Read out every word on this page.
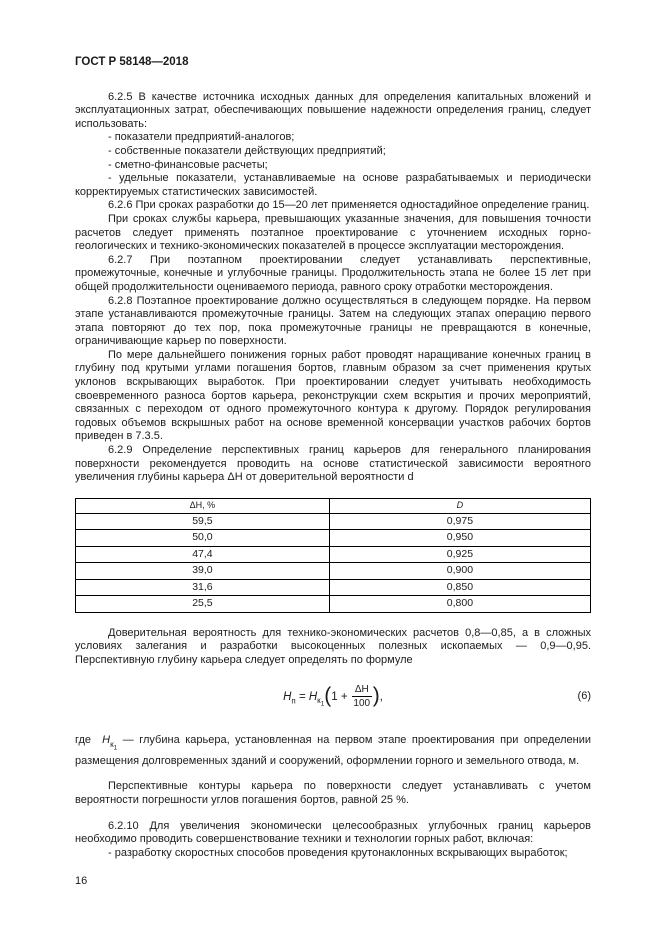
ГОСТ Р 58148—2018

6.2.5 В качестве источника исходных данных для определения капитальных вложений и эксплуатационных затрат, обеспечивающих повышение надежности определения границ, следует использовать:

- показатели предприятий-аналогов;

- собственные показатели действующих предприятий;

- сметно-финансовые расчеты;

- удельные показатели, устанавливаемые на основе разрабатываемых и периодически корректируемых статистических зависимостей.

6.2.6 При сроках разработки до 15—20 лет применяется одностадийное определение границ.

При сроках службы карьера, превышающих указанные значения, для повышения точности расчетов следует применять поэтапное проектирование с уточнением исходных горно-геологических и технико-экономических показателей в процессе эксплуатации месторождения.

6.2.7 При поэтапном проектировании следует устанавливать перспективные, промежуточные, конечные и углубочные границы. Продолжительность этапа не более 15 лет при общей продолжительности оцениваемого периода, равного сроку отработки месторождения.

6.2.8 Поэтапное проектирование должно осуществляться в следующем порядке. На первом этапе устанавливаются промежуточные границы. Затем на следующих этапах операцию первого этапа повторяют до тех пор, пока промежуточные границы не превращаются в конечные, ограничивающие карьер по поверхности.

По мере дальнейшего понижения горных работ проводят наращивание конечных границ в глубину под крутыми углами погашения бортов, главным образом за счет применения крутых уклонов вскрывающих выработок. При проектировании следует учитывать необходимость своевременного разноса бортов карьера, реконструкции схем вскрытия и прочих мероприятий, связанных с переходом от одного промежуточного контура к другому. Порядок регулирования годовых объемов вскрышных работ на основе временной консервации участков рабочих бортов приведен в 7.3.5.

6.2.9 Определение перспективных границ карьеров для генерального планирования поверхности рекомендуется проводить на основе статистической зависимости вероятного увеличения глубины карьера ΔH от доверительной вероятности d

ΔH, %	D
59,5	0,975
50,0	0,950
47,4	0,925
39,0	0,900
31,6	0,850
25,5	0,800

Доверительная вероятность для технико-экономических расчетов 0,8—0,85, а в сложных условиях залегания и разработки высокоценных полезных ископаемых — 0,9—0,95. Перспективную глубину карьера следует определять по формуле

$H_п = H_{к_1}(1 + \frac{\Delta H}{100}$ ),	(6)

где $H_{к_1}$ — глубина карьера, установленная на первом этапе проектирования при определении размещения долговременных зданий и сооружений, оформлении горного и земельного отвода, м.

Перспективные контуры карьера по поверхности следует устанавливать с учетом вероятности погрешности углов погашения бортов, равной 25 %.

6.2.10 Для увеличения экономически целесообразных углубочных границ карьеров необходимо проводить совершенствование техники и технологии горных работ, включая:

- разработку скоростных способов проведения крутонаклонных вскрывающих выработок;

16
